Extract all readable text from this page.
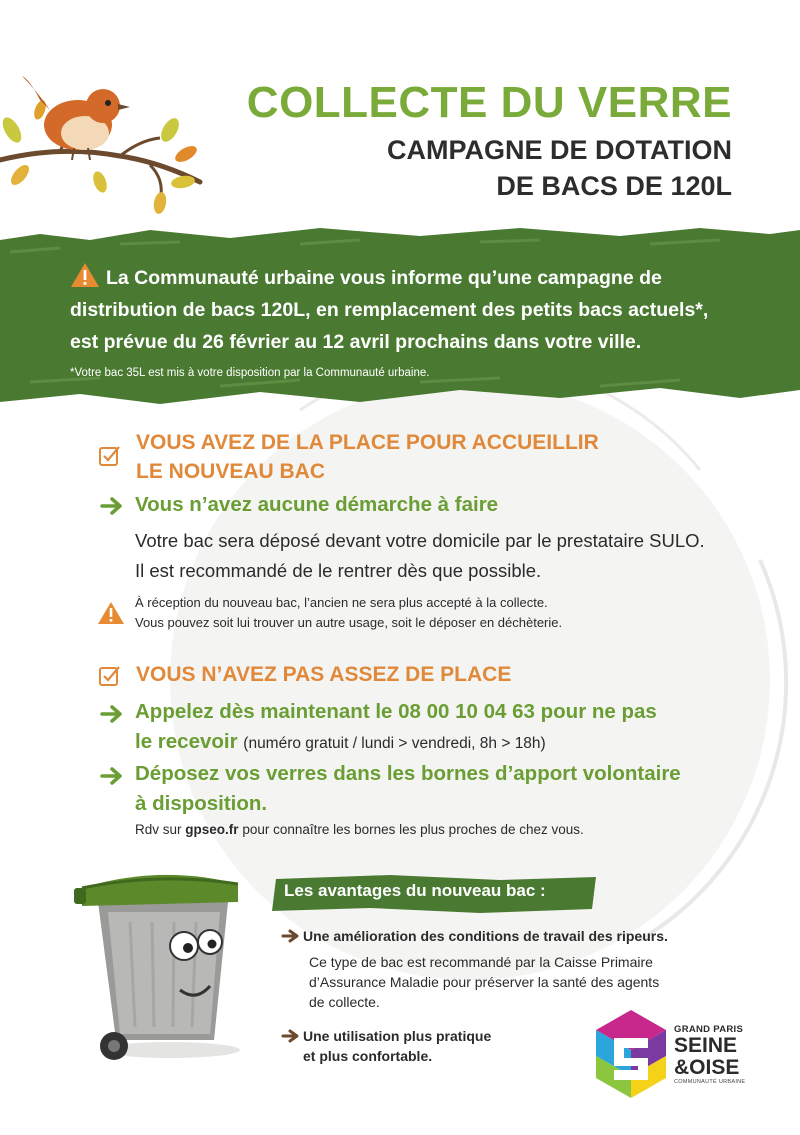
COLLECTE DU VERRE
CAMPAGNE DE DOTATION
DE BACS DE 120L
La Communauté urbaine vous informe qu’une campagne de
distribution de bacs 120L, en remplacement des petits bacs actuels*,
est prévue du 26 février au 12 avril prochains dans votre ville.
*Votre bac 35L est mis à votre disposition par la Communauté urbaine.
VOUS AVEZ DE LA PLACE POUR ACCUEILLIR
LE NOUVEAU BAC
Vous n’avez aucune démarche à faire
Votre bac sera déposé devant votre domicile par le prestataire SULO.
Il est recommandé de le rentrer dès que possible.
À réception du nouveau bac, l’ancien ne sera plus accepté à la collecte.
Vous pouvez soit lui trouver un autre usage, soit le déposer en déchèterie.
VOUS N’AVEZ PAS ASSEZ DE PLACE
Appelez dès maintenant le 08 00 10 04 63 pour ne pas
le recevoir (numéro gratuit / lundi > vendredi, 8h > 18h)
Déposez vos verres dans les bornes d’apport volontaire
à disposition.
Rdv sur gpseo.fr pour connaître les bornes les plus proches de chez vous.
Les avantages du nouveau bac :
Une amélioration des conditions de travail des ripeurs.
Ce type de bac est recommandé par la Caisse Primaire
d’Assurance Maladie pour préserver la santé des agents
de collecte.
Une utilisation plus pratique
et plus confortable.
GRAND PARIS
SEINE
&OISE
COMMUNAUTÉ URBAINE
